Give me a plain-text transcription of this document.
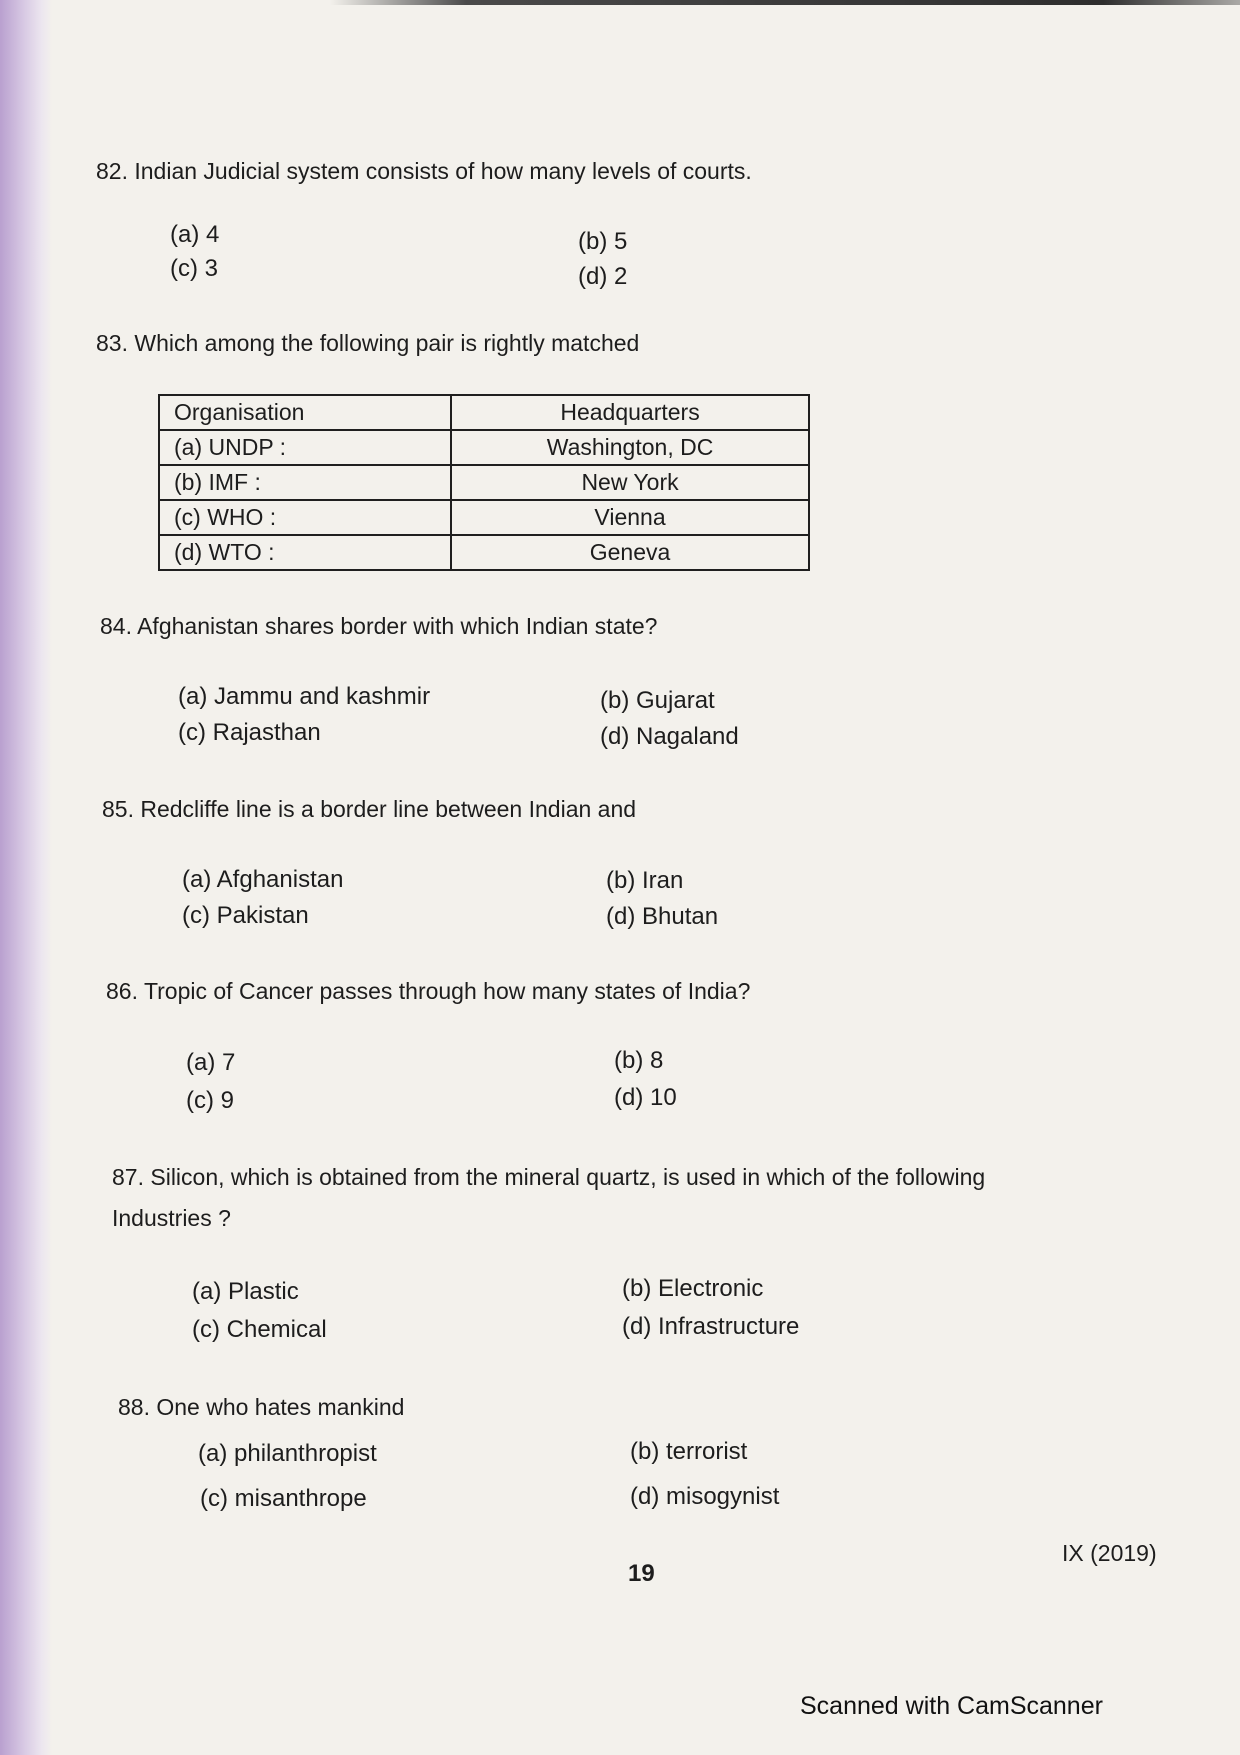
82. Indian Judicial system consists of how many levels of courts.
(a) 4	(b) 5
(c) 3	(d) 2
83. Which among the following pair is rightly matched
Organisation	Headquarters
(a) UNDP :	Washington, DC
(b) IMF :	New York
(c) WHO :	Vienna
(d) WTO :	Geneva
84. Afghanistan shares border with which Indian state?
(a) Jammu and kashmir	(b) Gujarat
(c) Rajasthan	(d) Nagaland
85. Redcliffe line is a border line between Indian and
(a) Afghanistan	(b) Iran
(c) Pakistan	(d) Bhutan
86. Tropic of Cancer passes through how many states of India?
(a) 7	(b) 8
(c) 9	(d) 10
87. Silicon, which is obtained from the mineral quartz, is used in which of the following
Industries ?
(a) Plastic	(b) Electronic
(c) Chemical	(d) Infrastructure
88. One who hates mankind
(a) philanthropist	(b) terrorist
(c) misanthrope	(d) misogynist
19
IX (2019)
Scanned with CamScanner
